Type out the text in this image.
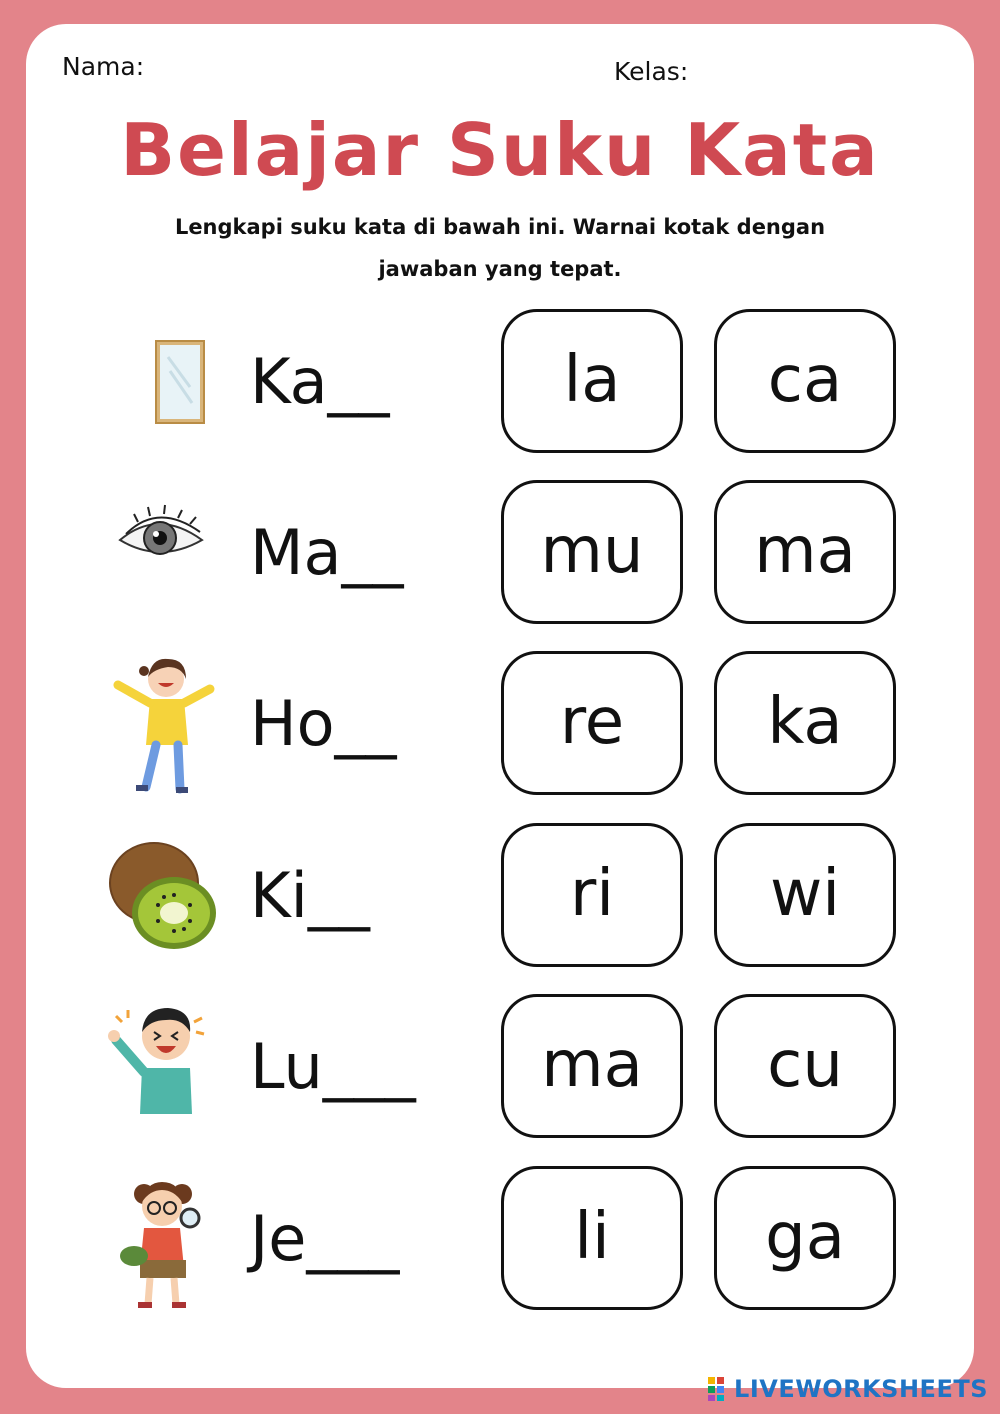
Nama:	Kelas:
Belajar Suku Kata
Lengkapi suku kata di bawah ini. Warnai kotak dengan jawaban yang tepat.
Ka__	la	ca
Ma__	mu	ma
Ho__	re	ka
Ki__	ri	wi
Lu___	ma	cu
Je___	li	ga
LIVEWORKSHEETS
